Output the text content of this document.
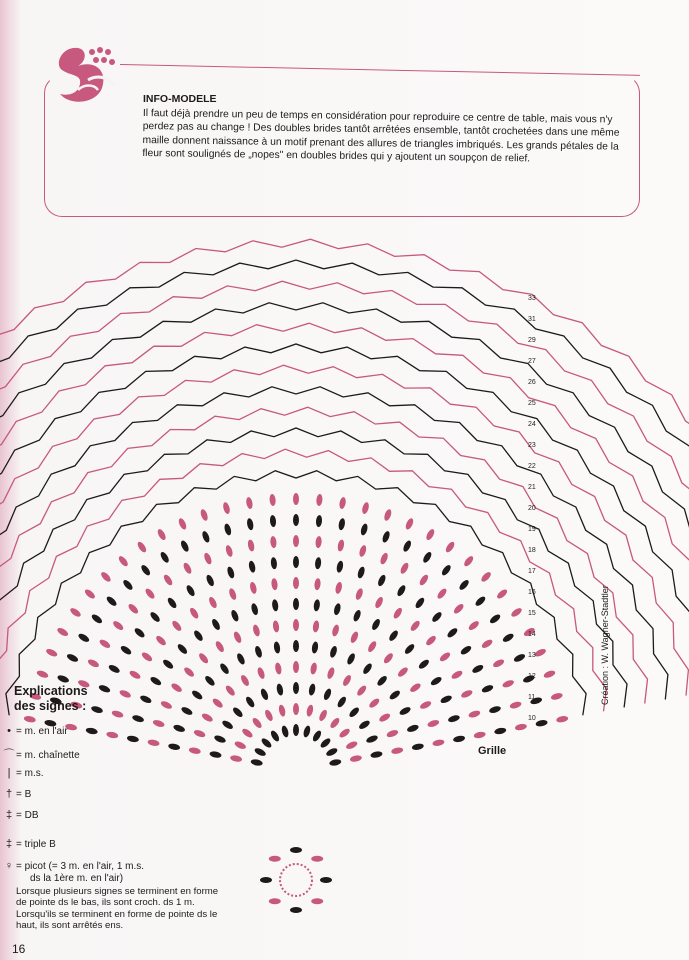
INFO-MODELE
Il faut déjà prendre un peu de temps en considération pour reproduire ce centre de table, mais vous n'y perdez pas au change ! Des doubles brides tantôt arrêtées ensemble, tantôt crochetées dans une même maille donnent naissance à un motif prenant des allures de triangles imbriqués. Les grands pétales de la fleur sont soulignés de „nopes" en doubles brides qui y ajoutent un soupçon de relief.
33
31
29
27
26
25
24
23
22
21
20
19
18
17
16
15
14
13
12
11
10
Grille
Création : W. Wagner-Stadtler
Explications
des signes :
• = m. en l'air
⌒ = m. chaînette
| = m.s.
† = B
‡ = DB
‡ = triple B
♀ = picot (= 3 m. en l'air, 1 m.s.
ds la 1ère m. en l'air)
Lorsque plusieurs signes se terminent en forme de pointe ds le bas, ils sont croch. ds 1 m. Lorsqu'ils se terminent en forme de pointe ds le haut, ils sont arrêtés ens.
16
